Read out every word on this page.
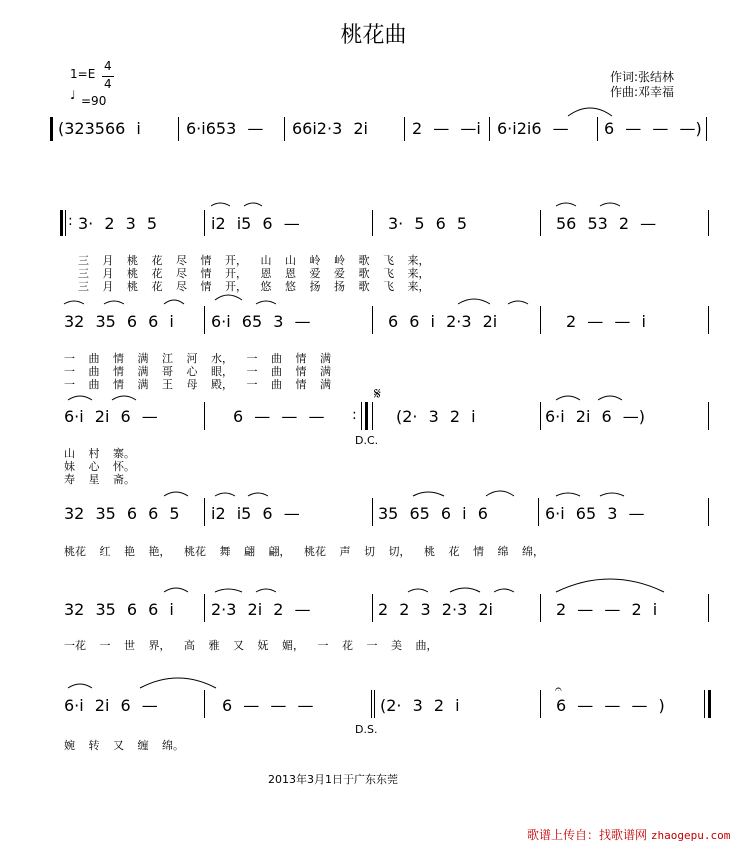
桃花曲
1=E
4
4
♩ =90
作词:张结林
作曲:邓幸福
(323566 i	6·i653 — 66i2·3 2i	2 — —i 6·i2i6 — 6 — — —)
: 3· 2 3 5	i2 i5 6 —	3· 5 6 5	56 53 2 —
三 月 桃 花 尽 情 开， 山 山 岭 岭 歌 飞 来，
三 月 桃 花 尽 情 开， 恩 恩 爱 爱 歌 飞 来，
三 月 桃 花 尽 情 开， 悠 悠 扬 扬 歌 飞 来，
32 35 6 6 i 6·i 65 3 —	6 6 i 2·3 2i	2 — — i
一 曲 情 满 江 河 水， 一 曲 情 满
一 曲 情 满 哥 心 眼， 一 曲 情 满
一 曲 情 满 王 母 殿， 一 曲 情 满
6·i 2i 6 —	6 — — — :
𝄋
(2· 3 2 i	6·i 2i 6 —)
D.C.
山 村 寨。
妹 心 怀。
寿 星 斋。
32 35 6 6 5 i2 i5 6 —	35 65 6 i 6	6·i 65 3 —
桃花 红 艳 艳， 桃花 舞 翩 翩， 桃花 声 切 切， 桃 花 情 绵 绵，
32 35 6 6 i 2·3 2i 2 —	2 2 3 2·3 2i	2 — — 2 i
一花 一 世 界， 高 雅 又 妩 媚， 一 花 一 美 曲，
6·i 2i 6 —	6 — — —	(2· 3 2 i	6 — — — )
𝄐
D.S.
婉 转 又 缠 绵。
2013年3月1日于广东东莞
歌谱上传自：找歌谱网 zhaogepu.com
